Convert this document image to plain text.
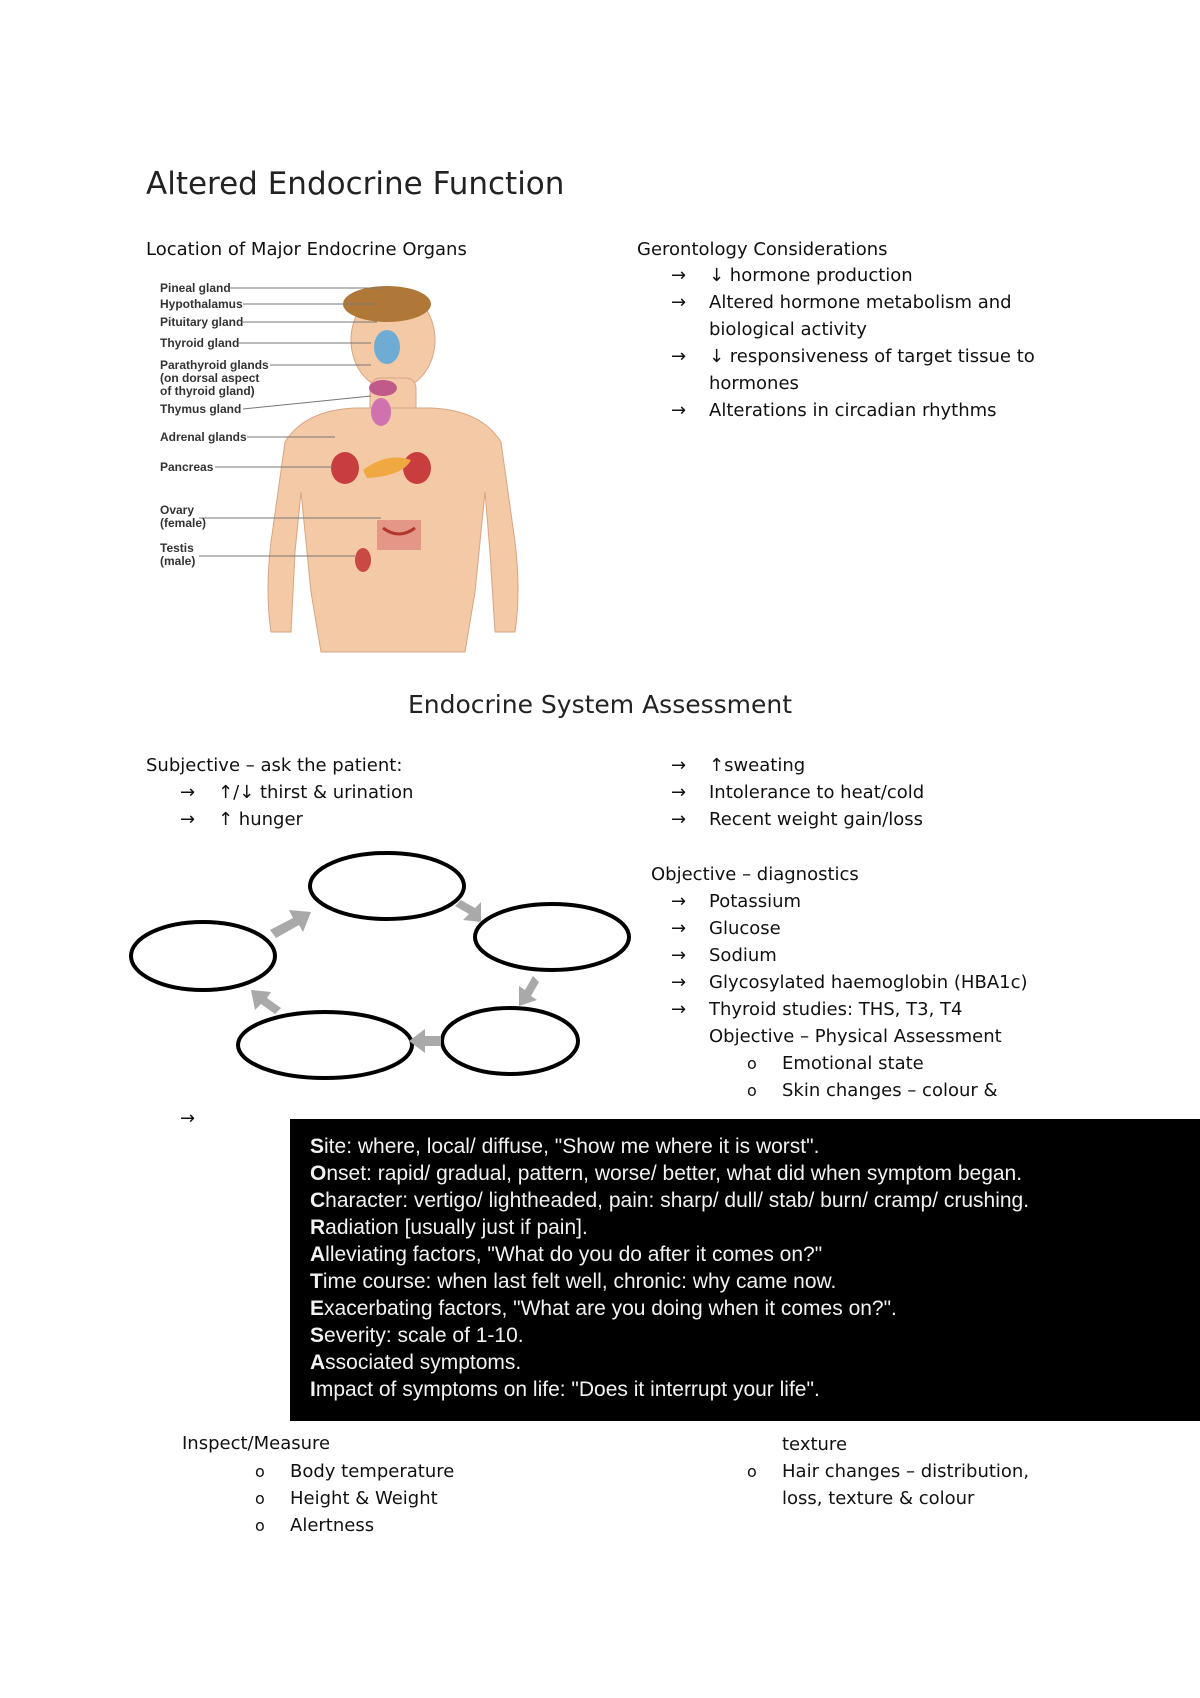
Altered Endocrine Function
Location of Major Endocrine Organs
Pineal gland
Hypothalamus
Pituitary gland
Thyroid gland
Parathyroid glands
(on dorsal aspect
of thyroid gland)
Thymus gland
Adrenal glands
Pancreas
Ovary
(female)
Testis
(male)
Gerontology Considerations
→ ↓ hormone production
→ Altered hormone metabolism and
biological activity
→ ↓ responsiveness of target tissue to
hormones
→ Alterations in circadian rhythms
Endocrine System Assessment
Subjective – ask the patient:
→ ↑/↓ thirst & urination
→ ↑ hunger
→ ↑sweating
→ Intolerance to heat/cold
→ Recent weight gain/loss
Objective – diagnostics
→ Potassium
→ Glucose
→ Sodium
→ Glycosylated haemoglobin (HBA1c)
→ Thyroid studies: THS, T3, T4
Objective – Physical Assessment
o Emotional state
o Skin changes – colour &
texture
o Hair changes – distribution,
loss, texture & colour
→
Site: where, local/ diffuse, "Show me where it is worst".
Onset: rapid/ gradual, pattern, worse/ better, what did when symptom began.
Character: vertigo/ lightheaded, pain: sharp/ dull/ stab/ burn/ cramp/ crushing.
Radiation [usually just if pain].
Alleviating factors, "What do you do after it comes on?"
Time course: when last felt well, chronic: why came now.
Exacerbating factors, "What are you doing when it comes on?".
Severity: scale of 1-10.
Associated symptoms.
Impact of symptoms on life: "Does it interrupt your life".
Inspect/Measure
o Body temperature
o Height & Weight
o Alertness
